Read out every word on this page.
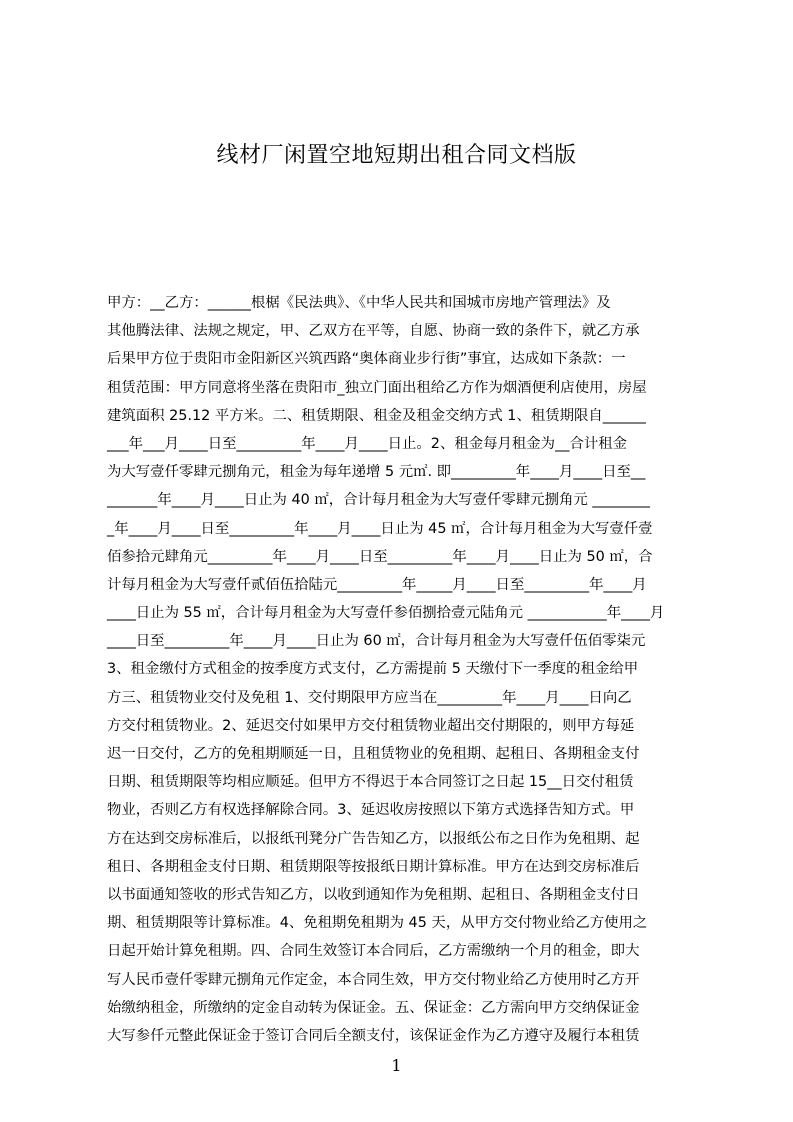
线材厂闲置空地短期出租合同文档版
甲方：__乙方：______根椐《民法典》、《中华人民共和国城市房地产管理法》及
其他腾法律、法规之规定，甲、乙双方在平等，自愿、协商一致的条件下，就乙方承
后果甲方位于贵阳市金阳新区兴筑西路“奥体商业步行街”事宜，达成如下条款：一
租赁范围：甲方同意将坐落在贵阳市_独立门面出租给乙方作为烟酒便利店使用，房屋
建筑面积 25.12 平方米。二、租赁期限、租金及租金交纳方式 1、租赁期限自______
___年___月____日至_________年____月____日止。2、租金每月租金为__合计租金
为大写壹仟零肆元捌角元，租金为每年递增 5 元㎡. 即_________年____月____日至__
_______年____月____日止为 40 ㎡，合计每月租金为大写壹仟零肆元捌角元 ________
_年____月____日至_________年____月____日止为 45 ㎡，合计每月租金为大写壹仟壹
佰参拾元肆角元_________年____月____日至_________年____月____日止为 50 ㎡，合
计每月租金为大写壹仟贰佰伍拾陆元_________年_____月____日至_________年____月
____日止为 55 ㎡，合计每月租金为大写壹仟参佰捌拾壹元陆角元 ___________年____月
____日至_________年____月____日止为 60 ㎡，合计每月租金为大写壹仟伍佰零柒元
3、租金缴付方式租金的按季度方式支付，乙方需提前 5 天缴付下一季度的租金给甲
方三、租赁物业交付及免租 1、交付期限甲方应当在_________年____月____日向乙
方交付租赁物业。2、延迟交付如果甲方交付租赁物业超出交付期限的，则甲方每延
迟一日交付，乙方的免租期顺延一日，且租赁物业的免租期、起租日、各期租金支付
日期、租赁期限等均相应顺延。但甲方不得迟于本合同签订之日起 15__日交付租赁
物业，否则乙方有权选择解除合同。3、延迟收房按照以下第方式选择告知方式。甲
方在达到交房标准后，以报纸刊凳分广告告知乙方，以报纸公布之日作为免租期、起
租日、各期租金支付日期、租赁期限等按报纸日期计算标准。甲方在达到交房标准后
以书面通知签收的形式告知乙方，以收到通知作为免租期、起租日、各期租金支付日
期、租赁期限等计算标准。4、免租期免租期为 45 天，从甲方交付物业给乙方使用之
日起开始计算免租期。四、合同生效签订本合同后，乙方需缴纳一个月的租金，即大
写人民币壹仟零肆元捌角元作定金，本合同生效，甲方交付物业给乙方使用时乙方开
始缴纳租金，所缴纳的定金自动转为保证金。五、保证金：乙方需向甲方交纳保证金
大写参仟元整此保证金于签订合同后全额支付，该保证金作为乙方遵守及履行本租赁
1
